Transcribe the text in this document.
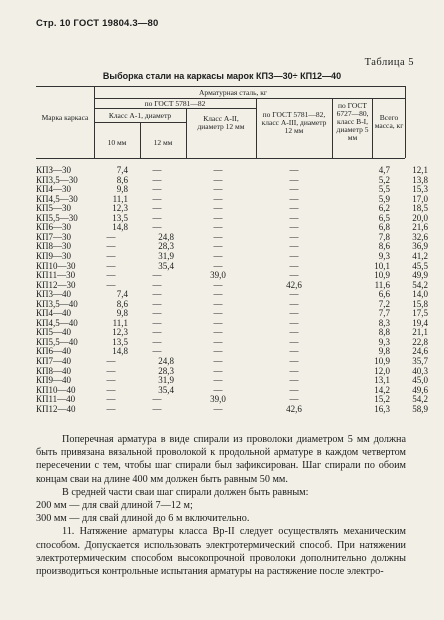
Стр. 10 ГОСТ 19804.3—80
Таблица 5
Выборка стали на каркасы марок КПЗ—30÷ КП12—40
Марка каркаса
Арматурная сталь, кг
по ГОСТ 5781—82
Класс А-1, диаметр
10 мм	12 мм
Класс А-II, диаметр 12 мм
по ГОСТ 5781—82, класс А-III, диаметр 12 мм
по ГОСТ 6727—80, класс В-I, диаметр 5 мм
КПЗ—30	7,4	—	—	—	4,7	12,1
КП3,5—30	8,6	—	—	—	5,2	13,8
КП4—30	9,8	—	—	—	5,5	15,3
КП4,5—30	11,1	—	—	—	5,9	17,0
КП5—30	12,3	—	—	—	6,2	18,5
КП5,5—30	13,5	—	—	—	6,5	20,0
КП6—30	14,8	—	—	—	6,8	21,6
КП7—30	—	24,8	—	—	7,8	32,6
КП8—30	—	28,3	—	—	8,6	36,9
КП9—30	—	31,9	—	—	9,3	41,2
КП10—30	—	35,4	—	—	10,1	45,5
КП11—30	—	—	39,0	—	10,9	49,9
КП12—30	—	—	—	42,6	11,6	54,2
КП3—40	7,4	—	—	—	6,6	14,0
КП3,5—40	8,6	—	—	—	7,2	15,8
КП4—40	9,8	—	—	—	7,7	17,5
КП4,5—40	11,1	—	—	—	8,3	19,4
КП5—40	12,3	—	—	—	8,8	21,1
КП5,5—40	13,5	—	—	—	9,3	22,8
КП6—40	14,8	—	—	—	9,8	24,6
КП7—40	—	24,8	—	—	10,9	35,7
КП8—40	—	28,3	—	—	12,0	40,3
КП9—40	—	31,9	—	—	13,1	45,0
КП10—40	—	35,4	—	—	14,2	49,6
КП11—40	—	—	39,0	—	15,2	54,2
КП12—40	—	—	—	42,6	16,3	58,9
Всего масса, кг

Поперечная арматура в виде спирали из проволоки диаметром 5 мм должна быть привязана вязальной проволокой к продольной арматуре в каждом четвертом пересечении с тем, чтобы шаг спирали был зафиксирован. Шаг спирали по обоим концам сваи на длине 400 мм должен быть равным 50 мм.

В средней части сваи шаг спирали должен быть равным:

200 мм — для свай длиной 7—12 м;

300 мм — для свай длиной до 6 м включительно.

11. Натяжение арматуры класса Вр-II следует осуществлять механическим способом. Допускается использовать электротермический способ. При натяжении электротермическим способом высокопрочной проволоки дополнительно должны производиться контрольные испытания арматуры на растяжение после электро-
